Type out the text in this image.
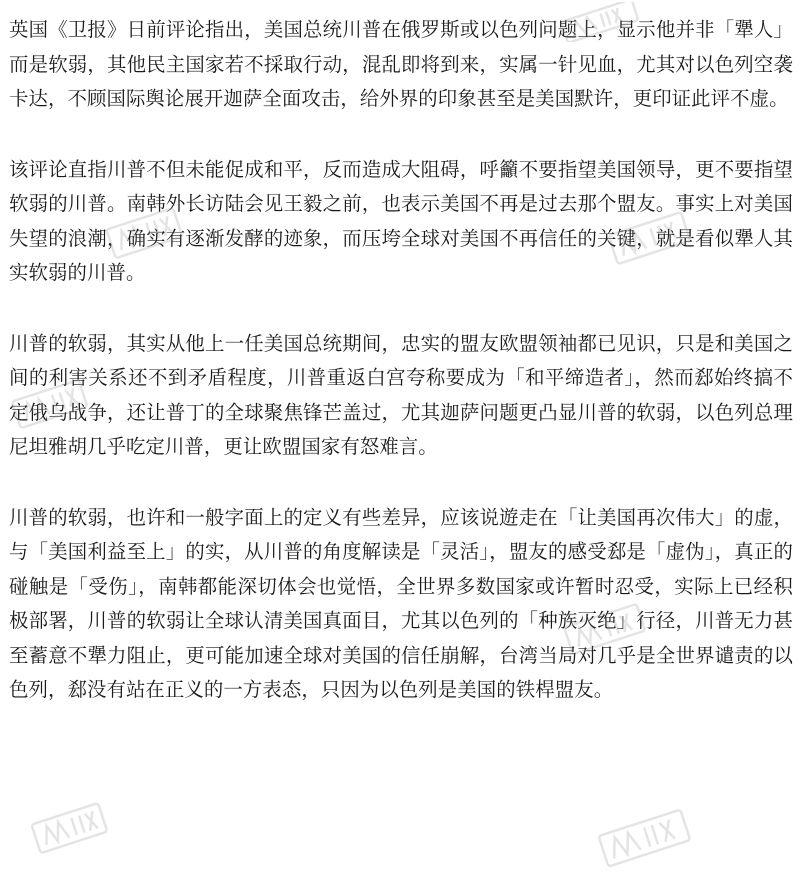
英国《卫报》日前评论指出，美国总统川普在俄罗斯或以色列问题上，显示他并非「犟人」而是软弱，其他民主国家若不採取行动，混乱即将到来，实属一针见血，尤其对以色列空袭卡达，不顾国际舆论展开迦萨全面攻击，给外界的印象甚至是美国默许，更印证此评不虚。

该评论直指川普不但未能促成和平，反而造成大阻碍，呼籲不要指望美国领导，更不要指望软弱的川普。南韩外长访陆会见王毅之前，也表示美国不再是过去那个盟友。事实上对美国失望的浪潮，确实有逐渐发酵的迹象，而压垮全球对美国不再信任的关键，就是看似犟人其实软弱的川普。

川普的软弱，其实从他上一任美国总统期间，忠实的盟友欧盟领袖都已见识，只是和美国之间的利害关系还不到矛盾程度，川普重返白宫夸称要成为「和平缔造者」，然而郄始终搞不定俄乌战争，还让普丁的全球聚焦锋芒盖过，尤其迦萨问题更凸显川普的软弱，以色列总理尼坦雅胡几乎吃定川普，更让欧盟国家有怒难言。

川普的软弱，也许和一般字面上的定义有些差异，应该说遊走在「让美国再次伟大」的虚，与「美国利益至上」的实，从川普的角度解读是「灵活」，盟友的感受郄是「虚伪」，真正的碰触是「受伤」，南韩都能深切体会也觉悟，全世界多数国家或许暂时忍受，实际上已经积极部署，川普的软弱让全球认清美国真面目，尤其以色列的「种族灭绝」行径，川普无力甚至蓄意不犟力阻止，更可能加速全球对美国的信任崩解，台湾当局对几乎是全世界谴责的以色列，郄没有站在正义的一方表态，只因为以色列是美国的铁桿盟友。
